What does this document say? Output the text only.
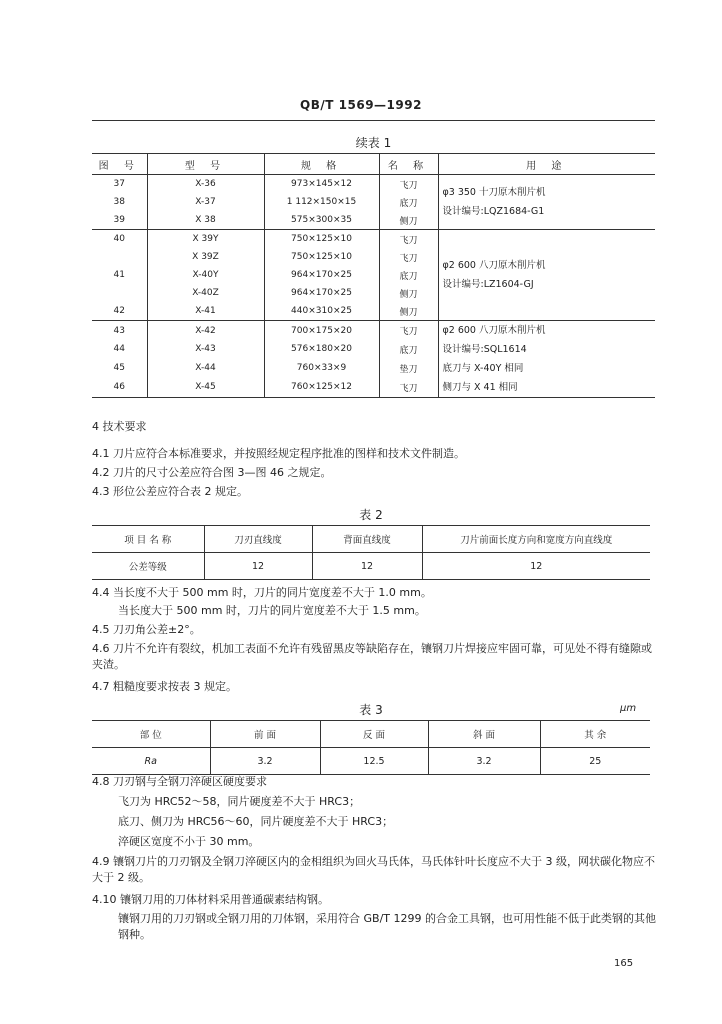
QB/T 1569—1992
续表 1
图 号	型 号	规 格	名 称	用 途
37	X-36	973×145×12	飞刀	φ3 350 十刀原木削片机
设计编号:LQZ1684-G1

38	X-37	1 112×150×15	底刀	
39	X 38	575×300×35	侧刀	
40	X 39Y	750×125×10	飞刀	φ2 600 八刀原木削片机
设计编号:LZ1604-GJ

	X 39Z	750×125×10	飞刀	
41	X-40Y	964×170×25	底刀	
	X-40Z	964×170×25	侧刀	
42	X-41	440×310×25	侧刀	
43	X-42	700×175×20	飞刀	φ2 600 八刀原木削片机
设计编号:SQL1614
底刀与 X-40Y 相同
侧刀与 X 41 相同

44	X-43	576×180×20	底刀	
45	X-44	760×33×9	垫刀	
46	X-45	760×125×12	飞刀	
4 技术要求
4.1 刀片应符合本标准要求，并按照经规定程序批准的图样和技术文件制造。
4.2 刀片的尺寸公差应符合图 3—图 46 之规定。
4.3 形位公差应符合表 2 规定。
表 2
项 目 名 称	刀刃直线度	背面直线度	刀片前面长度方向和宽度方向直线度
公差等级	12	12	12
4.4 当长度不大于 500 mm 时，刀片的同片宽度差不大于 1.0 mm。
当长度大于 500 mm 时，刀片的同片宽度差不大于 1.5 mm。
4.5 刀刃角公差±2°。
4.6 刀片不允许有裂纹，机加工表面不允许有残留黑皮等缺陷存在，镶钢刀片焊接应牢固可靠，可见处不得有缝隙或夹渣。
4.7 粗糙度要求按表 3 规定。
表 3	μm
部 位	前 面	反 面	斜 面	其 余
Ra	3.2	12.5	3.2	25
4.8 刀刃钢与全钢刀淬硬区硬度要求
飞刀为 HRC52～58，同片硬度差不大于 HRC3；
底刀、侧刀为 HRC56～60，同片硬度差不大于 HRC3；
淬硬区宽度不小于 30 mm。
4.9 镶钢刀片的刀刃钢及全钢刀淬硬区内的金相组织为回火马氏体，马氏体针叶长度应不大于 3 级，网状碳化物应不大于 2 级。
4.10 镶钢刀用的刀体材料采用普通碳素结构钢。
镶钢刀用的刀刃钢或全钢刀用的刀体钢，采用符合 GB/T 1299 的合金工具钢，也可用性能不低于此类钢的其他钢种。
165
